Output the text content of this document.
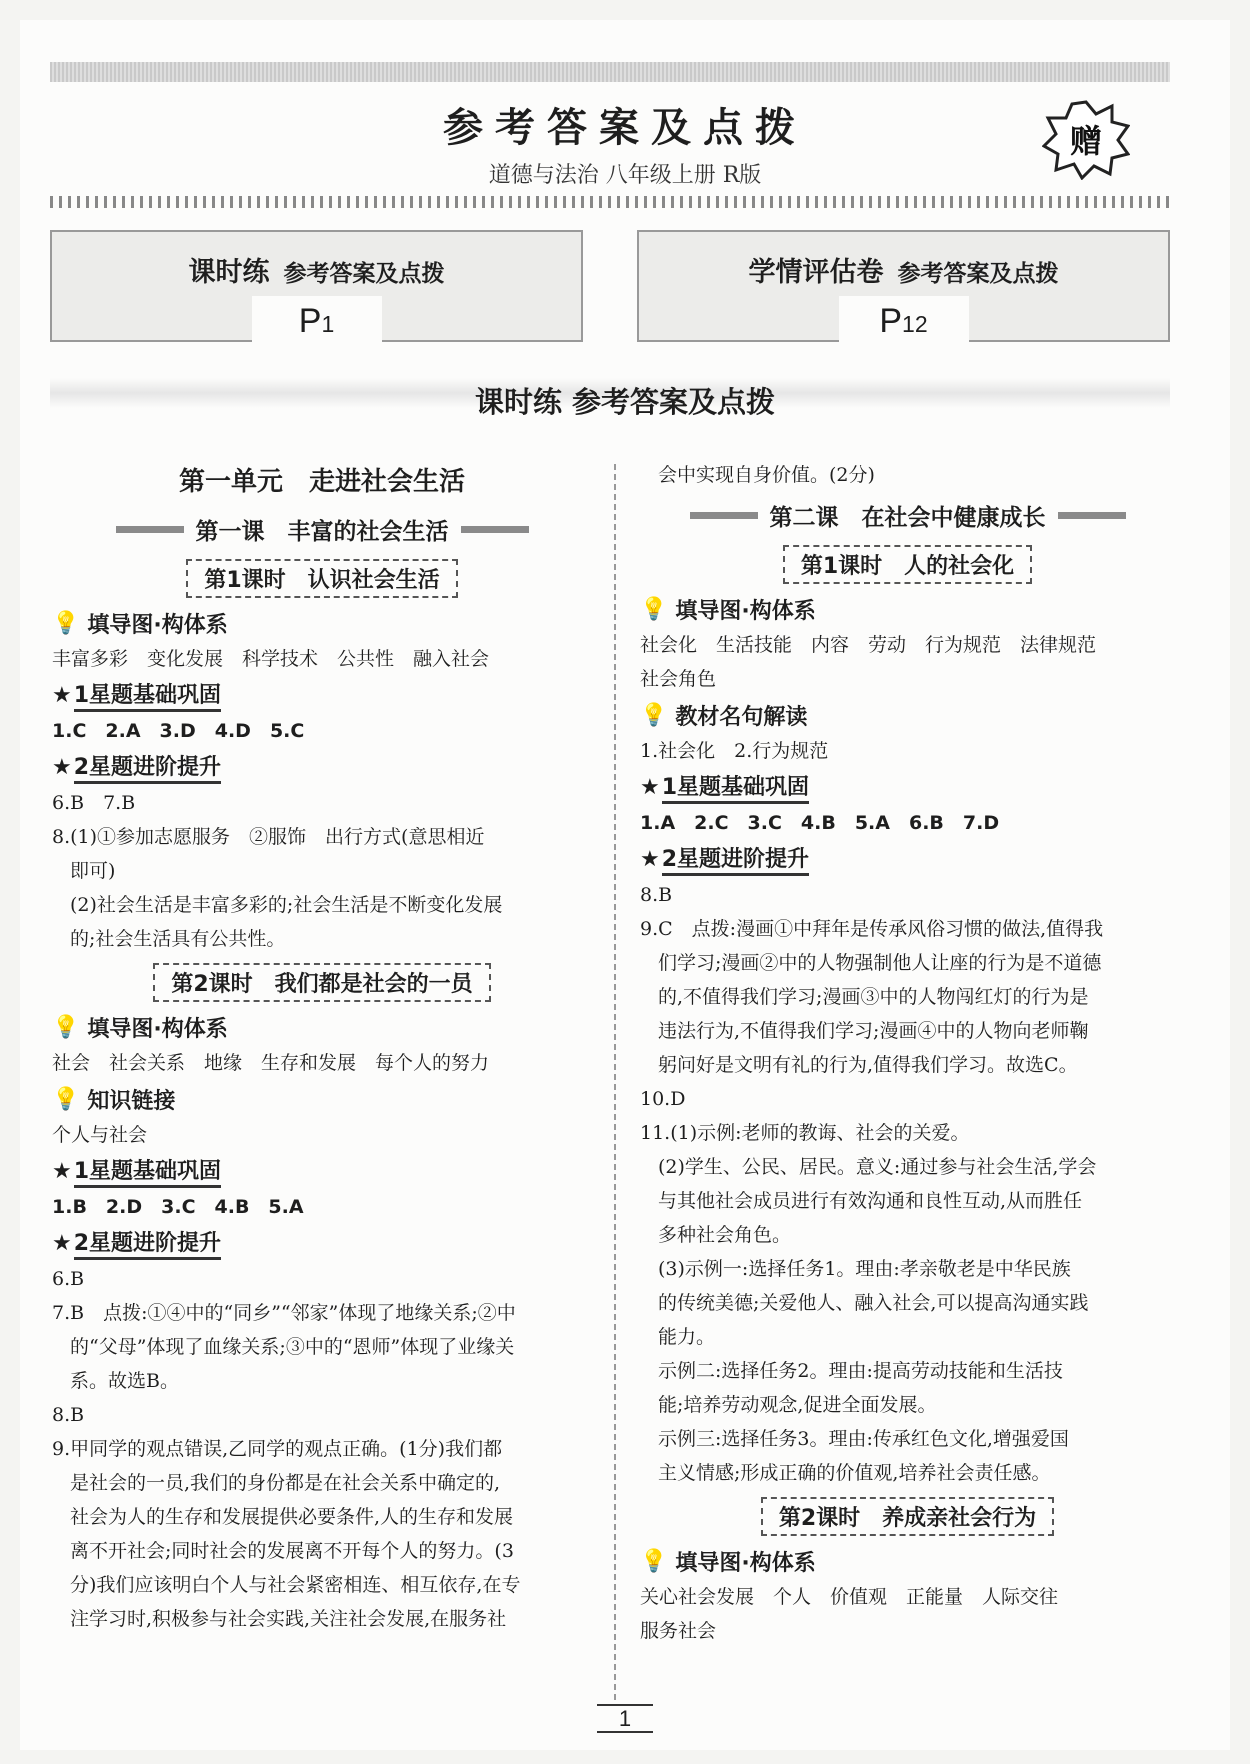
参考答案及点拨
道德与法治 八年级上册 R版
赠
课时练 参考答案及点拨
P1
学情评估卷 参考答案及点拨
P12
课时练 参考答案及点拨
第一单元　走进社会生活
第一课　丰富的社会生活
第1课时　认识社会生活
💡 填导图·构体系
丰富多彩　变化发展　科学技术　公共性　融入社会
★ 1星题基础巩固
1.C　2.A　3.D　4.D　5.C
★ 2星题进阶提升
6.B　7.B
8.(1)①参加志愿服务　②服饰　出行方式(意思相近
即可)
(2)社会生活是丰富多彩的;社会生活是不断变化发展
的;社会生活具有公共性。
第2课时　我们都是社会的一员
💡 填导图·构体系
社会　社会关系　地缘　生存和发展　每个人的努力
💡 知识链接
个人与社会
★ 1星题基础巩固
1.B　2.D　3.C　4.B　5.A
★ 2星题进阶提升
6.B
7.B　点拨:①④中的“同乡”“邻家”体现了地缘关系;②中
的“父母”体现了血缘关系;③中的“恩师”体现了业缘关
系。故选B。
8.B
9.甲同学的观点错误,乙同学的观点正确。(1分)我们都
是社会的一员,我们的身份都是在社会关系中确定的,
社会为人的生存和发展提供必要条件,人的生存和发展
离不开社会;同时社会的发展离不开每个人的努力。(3
分)我们应该明白个人与社会紧密相连、相互依存,在专
注学习时,积极参与社会实践,关注社会发展,在服务社
会中实现自身价值。(2分)
第二课　在社会中健康成长
第1课时　人的社会化
💡 填导图·构体系
社会化　生活技能　内容　劳动　行为规范　法律规范
社会角色
💡 教材名句解读
1.社会化　2.行为规范
★ 1星题基础巩固
1.A　2.C　3.C　4.B　5.A　6.B　7.D
★ 2星题进阶提升
8.B
9.C　点拨:漫画①中拜年是传承风俗习惯的做法,值得我
们学习;漫画②中的人物强制他人让座的行为是不道德
的,不值得我们学习;漫画③中的人物闯红灯的行为是
违法行为,不值得我们学习;漫画④中的人物向老师鞠
躬问好是文明有礼的行为,值得我们学习。故选C。
10.D
11.(1)示例:老师的教诲、社会的关爱。
(2)学生、公民、居民。意义:通过参与社会生活,学会
与其他社会成员进行有效沟通和良性互动,从而胜任
多种社会角色。
(3)示例一:选择任务1。理由:孝亲敬老是中华民族
的传统美德;关爱他人、融入社会,可以提高沟通实践
能力。
示例二:选择任务2。理由:提高劳动技能和生活技
能;培养劳动观念,促进全面发展。
示例三:选择任务3。理由:传承红色文化,增强爱国
主义情感;形成正确的价值观,培养社会责任感。
第2课时　养成亲社会行为
💡 填导图·构体系
关心社会发展　个人　价值观　正能量　人际交往
服务社会
1
